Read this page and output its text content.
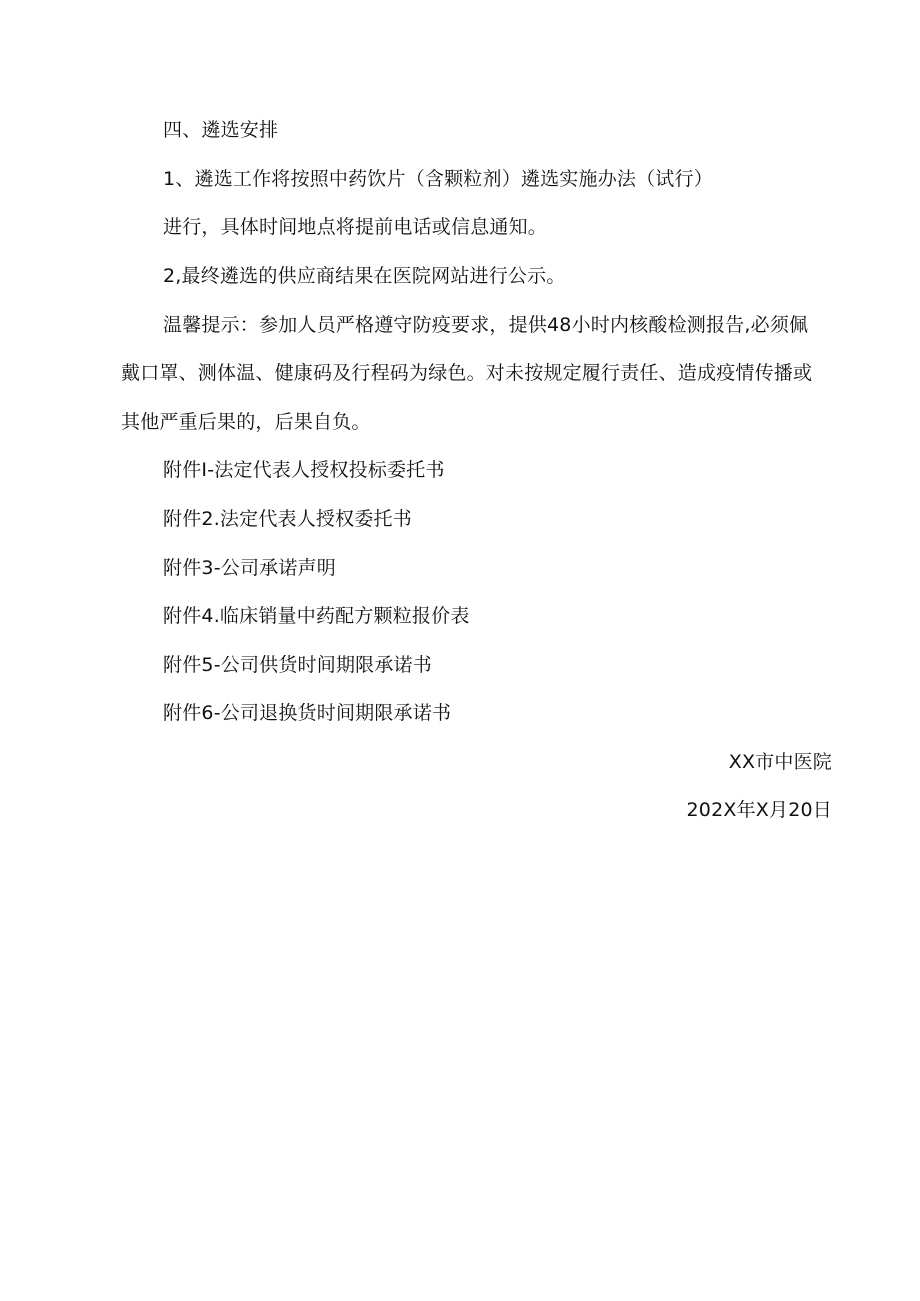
四、遴选安排
1、遴选工作将按照中药饮片（含颗粒剂）遴选实施办法（试行）
进行，具体时间地点将提前电话或信息通知。
2,最终遴选的供应商结果在医院网站进行公示。
温馨提示：参加人员严格遵守防疫要求，提供48小时内核酸检测报告,必须佩
戴口罩、测体温、健康码及行程码为绿色。对未按规定履行责任、造成疫情传播或
其他严重后果的，后果自负。
附件I-法定代表人授权投标委托书
附件2.法定代表人授权委托书
附件3-公司承诺声明
附件4.临床销量中药配方颗粒报价表
附件5-公司供货时间期限承诺书
附件6-公司退换货时间期限承诺书
XX市中医院
202X年X月20日
